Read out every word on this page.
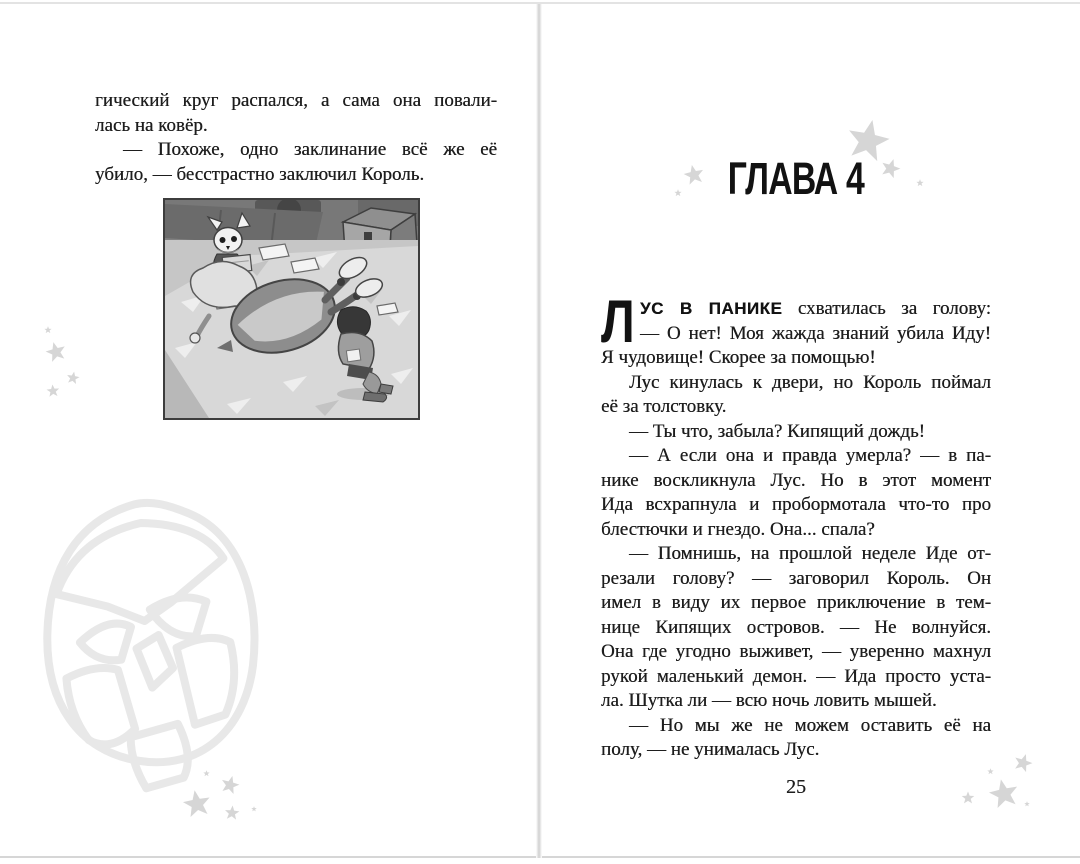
гический круг распался, а сама она повали-
лась на ковёр.
— Похоже, одно заклинание всё же её
убило, — бесстрастно заключил Король.	ГЛАВА 4
Л УС В ПАНИКЕ схватилась за голову:
— О нет! Моя жажда знаний убила Иду!
Я чудовище! Скорее за помощью!
Лус кинулась к двери, но Король поймал
её за толстовку.
— Ты что, забыла? Кипящий дождь!
— А если она и правда умерла? — в па-
нике воскликнула Лус. Но в этот момент
Ида всхрапнула и пробормотала что-то про
блестючки и гнездо. Она... спала?
— Помнишь, на прошлой неделе Иде от-
резали голову? — заговорил Король. Он
имел в виду их первое приключение в тем-
нице Кипящих островов. — Не волнуйся.
Она где угодно выживет, — уверенно махнул
рукой маленький демон. — Ида просто уста-
ла. Шутка ли — всю ночь ловить мышей.
— Но мы же не можем оставить её на
полу, — не унималась Лус.
25
